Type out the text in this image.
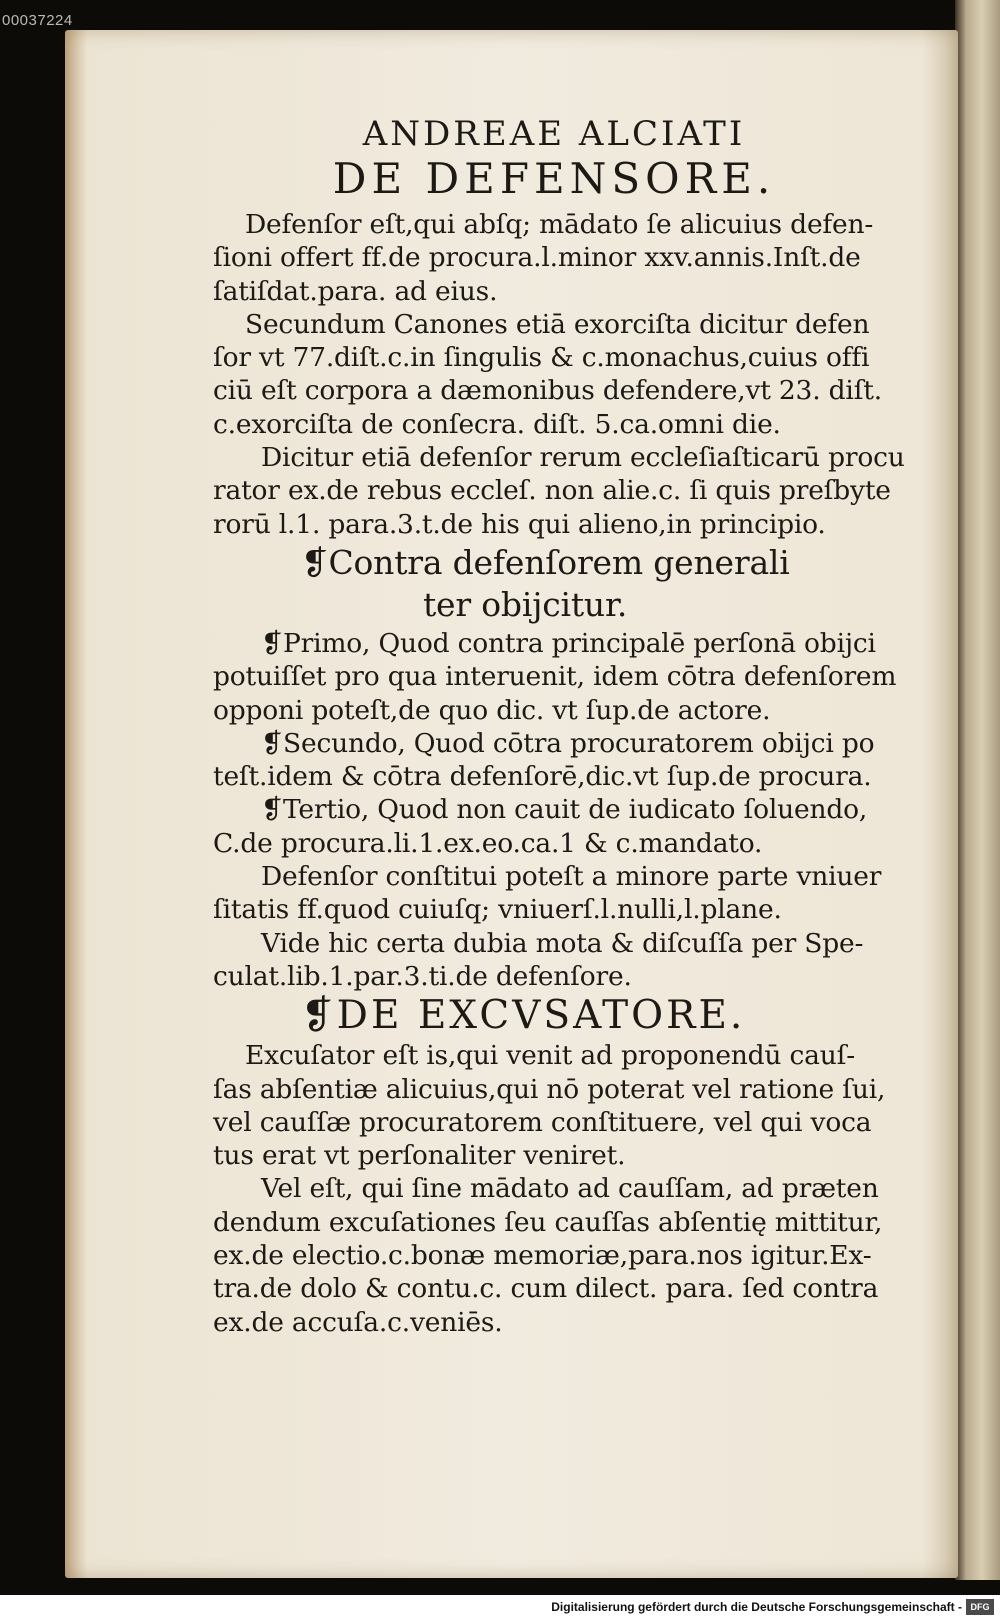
00037224
ANDREAE ALCIATI
DE DEFENSORE.
Defenſor eſt,qui abſq; mādato ſe alicuius defen-
ſioni offert ff.de procura.l.minor xxv.annis.Inſt.de
ſatiſdat.para. ad eius.
Secundum Canones etiā exorciſta dicitur defen
ſor vt 77.diſt.c.in ſingulis & c.monachus,cuius offi
ciū eſt corpora a dæmonibus defendere,vt 23. diſt.
c.exorciſta de conſecra. diſt. 5.ca.omni die.
Dicitur etiā defenſor rerum eccleſiaſticarū procu
rator ex.de rebus eccleſ. non alie.c. ſi quis preſbyte
rorū l.1. para.3.t.de his qui alieno,in principio.
❡Contra defenſorem generali
ter obijcitur.
❡Primo, Quod contra principalē perſonā obijci
potuiſſet pro qua interuenit, idem cōtra defenſorem
opponi poteſt,de quo dic. vt ſup.de actore.
❡Secundo, Quod cōtra procuratorem obijci po
teſt.idem & cōtra defenſorē,dic.vt ſup.de procura.
❡Tertio, Quod non cauit de iudicato ſoluendo,
C.de procura.li.1.ex.eo.ca.1 & c.mandato.
Defenſor conſtitui poteſt a minore parte vniuer
ſitatis ff.quod cuiuſq; vniuerſ.l.nulli,l.plane.
Vide hic certa dubia mota & diſcuſſa per Spe-
culat.lib.1.par.3.ti.de defenſore.
❡DE EXCVSATORE.
Excuſator eſt is,qui venit ad proponendū cauſ-
ſas abſentiæ alicuius,qui nō poterat vel ratione ſui,
vel cauſſæ procuratorem conſtituere, vel qui voca
tus erat vt perſonaliter veniret.
Vel eſt, qui ſine mādato ad cauſſam, ad præten
dendum excuſationes ſeu cauſſas abſentię mittitur,
ex.de electio.c.bonæ memoriæ,para.nos igitur.Ex-
tra.de dolo & contu.c. cum dilect. para. ſed contra
ex.de accuſa.c.veniēs.
Digitalisierung gefördert durch die Deutsche Forschungsgemeinschaft - DFG
